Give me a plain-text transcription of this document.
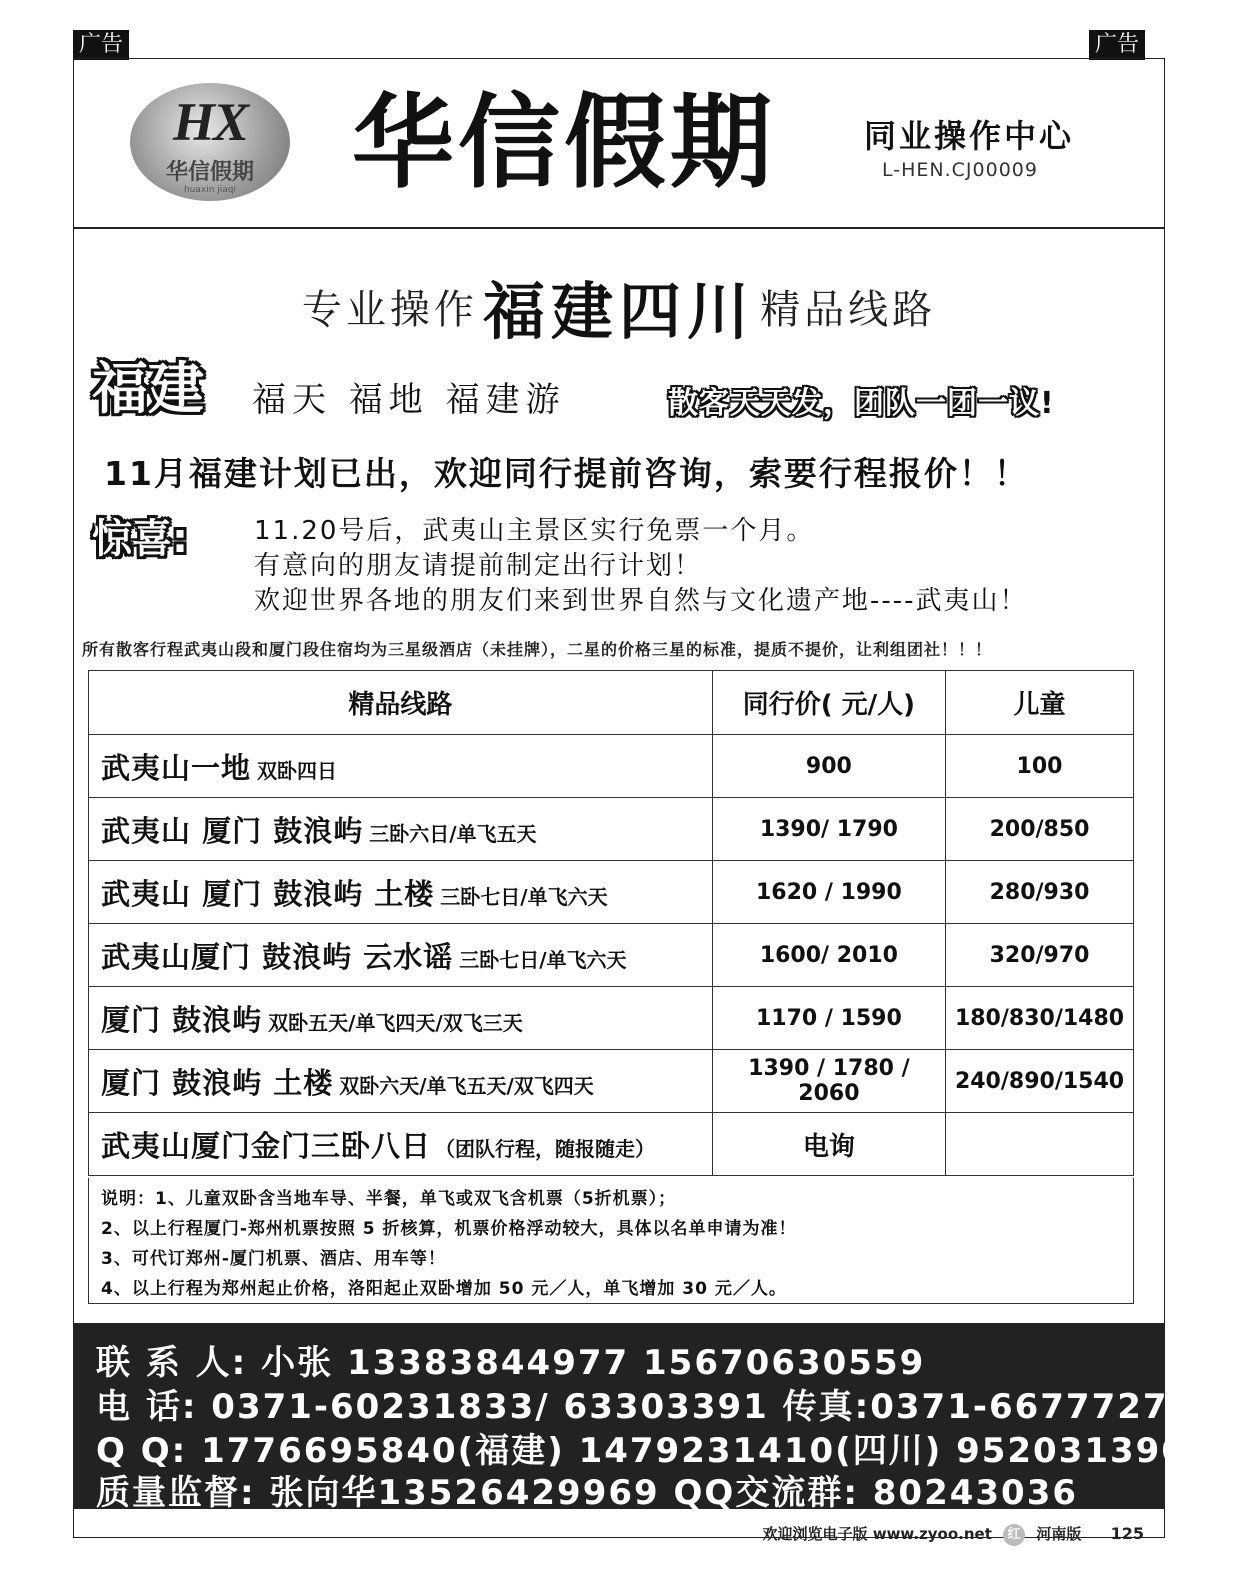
广告	广告
HX
华信假期
huaxin jiaqi	华信假期	同业操作中心
L-HEN.CJ00009
专业操作 福建四川 精品线路
福建 福天 福地 福建游	散客天天发，团队一团一议!
11月福建计划已出，欢迎同行提前咨询，索要行程报价！！
惊喜:	11.20号后，武夷山主景区实行免票一个月。
有意向的朋友请提前制定出行计划！
欢迎世界各地的朋友们来到世界自然与文化遗产地----武夷山！
所有散客行程武夷山段和厦门段住宿均为三星级酒店（未挂牌），二星的价格三星的标准，提质不提价，让利组团社！！！
精品线路	同行价( 元/人)	儿童
武夷山一地 双卧四日	900	100
武夷山 厦门 鼓浪屿 三卧六日/单飞五天	1390/ 1790	200/850
武夷山 厦门 鼓浪屿 土楼 三卧七日/单飞六天	1620 / 1990	280/930
武夷山厦门 鼓浪屿 云水谣 三卧七日/单飞六天	1600/ 2010	320/970
厦门 鼓浪屿 双卧五天/单飞四天/双飞三天	1170 / 1590	180/830/1480
厦门 鼓浪屿 土楼 双卧六天/单飞五天/双飞四天	1390 / 1780 / 2060	240/890/1540
武夷山厦门金门三卧八日 （团队行程，随报随走）	电询	
说明：1、儿童双卧含当地车导、半餐，单飞或双飞含机票（5折机票）；
2、以上行程厦门-郑州机票按照 5 折核算，机票价格浮动较大，具体以名单申请为准！
3、可代订郑州-厦门机票、酒店、用车等！
4、以上行程为郑州起止价格，洛阳起止双卧增加 50 元／人，单飞增加 30 元／人。
联 系 人: 小张 13383844977 15670630559
电 话: 0371-60231833/ 63303391 传真:0371-66777276
Q Q: 1776695840(福建) 1479231410(四川) 952031390
质量监督: 张向华13526429969 QQ交流群: 80243036
欢迎浏览电子版 www.zyoo.net 红 河南版 125
